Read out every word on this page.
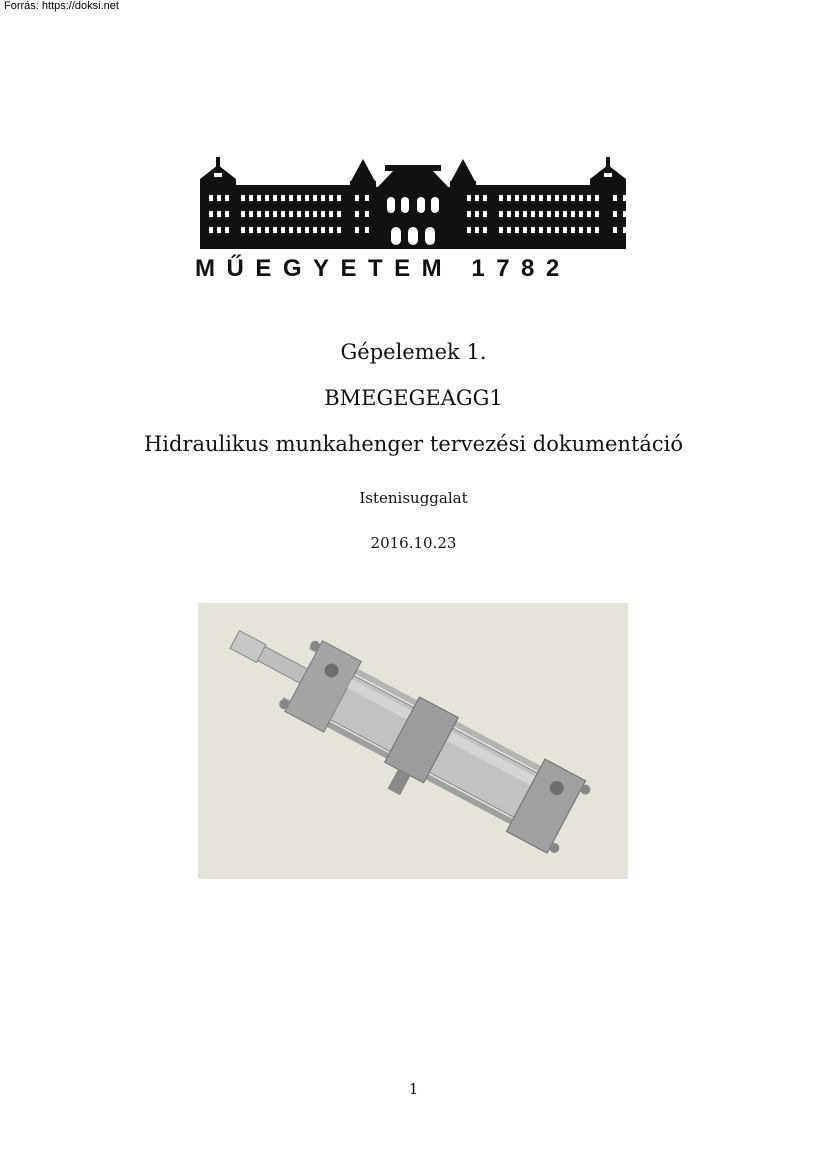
Forrás: https://doksi.net
MŰEGYETEM 1782
Gépelemek 1.
BMEGEGEAGG1
Hidraulikus munkahenger tervezési dokumentáció
Istenisuggalat
2016.10.23
1
